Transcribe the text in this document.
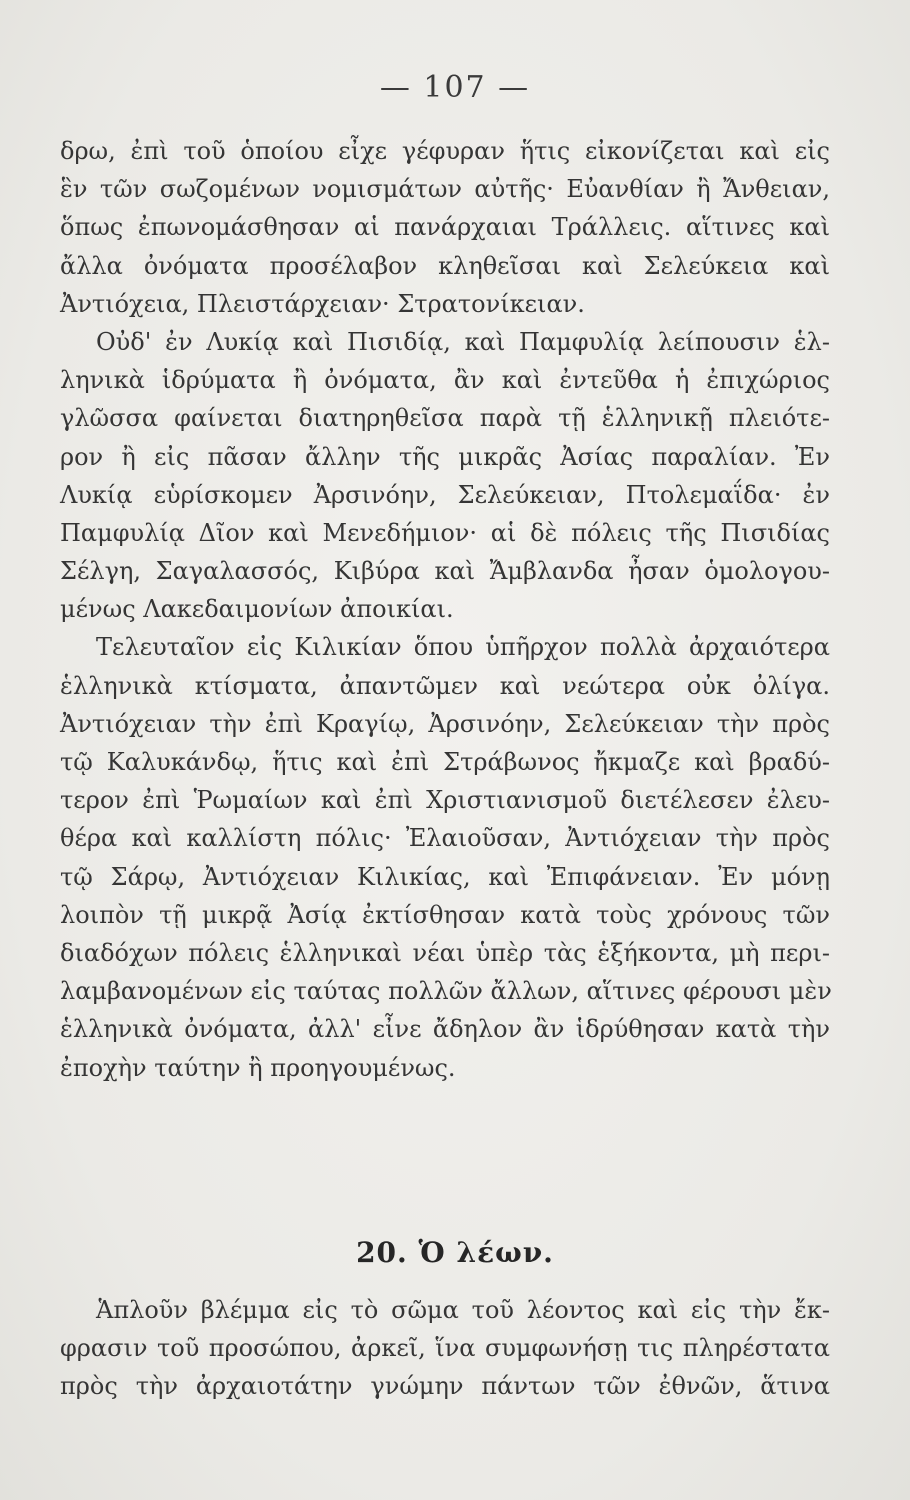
— 107 —
δρω, ἐπὶ τοῦ ὁποίου εἶχε γέφυραν ἥτις εἰκονίζεται καὶ εἰς
ἓν τῶν σωζομένων νομισμάτων αὐτῆς· Εὐανθίαν ἢ Ἄνθειαν,
ὅπως ἐπωνομάσθησαν αἱ πανάρχαιαι Τράλλεις. αἵτινες καὶ
ἄλλα ὀνόματα προσέλαβον κληθεῖσαι καὶ Σελεύκεια καὶ
Ἀντιόχεια, Πλειστάρχειαν· Στρατονίκειαν.
Οὐδ' ἐν Λυκίᾳ καὶ Πισιδίᾳ, καὶ Παμφυλίᾳ λείπουσιν ἑλ-
ληνικὰ ἱδρύματα ἢ ὀνόματα, ἂν καὶ ἐντεῦθα ἡ ἐπιχώριος
γλῶσσα φαίνεται διατηρηθεῖσα παρὰ τῇ ἑλληνικῇ πλειότε-
ρον ἢ εἰς πᾶσαν ἄλλην τῆς μικρᾶς Ἀσίας παραλίαν. Ἐν
Λυκίᾳ εὑρίσκομεν Ἀρσινόην, Σελεύκειαν, Πτολεμαΐδα· ἐν
Παμφυλίᾳ Δῖον καὶ Μενεδήμιον· αἱ δὲ πόλεις τῆς Πισιδίας
Σέλγη, Σαγαλασσός, Κιβύρα καὶ Ἄμβλανδα ἦσαν ὁμολογου-
μένως Λακεδαιμονίων ἀποικίαι.
Τελευταῖον εἰς Κιλικίαν ὅπου ὑπῆρχον πολλὰ ἀρχαιότερα
ἑλληνικὰ κτίσματα, ἀπαντῶμεν καὶ νεώτερα οὐκ ὀλίγα.
Ἀντιόχειαν τὴν ἐπὶ Κραγίῳ, Ἀρσινόην, Σελεύκειαν τὴν πρὸς
τῷ Καλυκάνδῳ, ἥτις καὶ ἐπὶ Στράβωνος ἤκμαζε καὶ βραδύ-
τερον ἐπὶ Ῥωμαίων καὶ ἐπὶ Χριστιανισμοῦ διετέλεσεν ἐλευ-
θέρα καὶ καλλίστη πόλις· Ἐλαιοῦσαν, Ἀντιόχειαν τὴν πρὸς
τῷ Σάρῳ, Ἀντιόχειαν Κιλικίας, καὶ Ἐπιφάνειαν. Ἐν μόνῃ
λοιπὸν τῇ μικρᾷ Ἀσίᾳ ἐκτίσθησαν κατὰ τοὺς χρόνους τῶν
διαδόχων πόλεις ἑλληνικαὶ νέαι ὑπὲρ τὰς ἑξήκοντα, μὴ περι-
λαμβανομένων εἰς ταύτας πολλῶν ἄλλων, αἵτινες φέρουσι μὲν
ἑλληνικὰ ὀνόματα, ἀλλ' εἶνε ἄδηλον ἂν ἱδρύθησαν κατὰ τὴν
ἐποχὴν ταύτην ἢ προηγουμένως.
20. Ὁ λέων.
Ἁπλοῦν βλέμμα εἰς τὸ σῶμα τοῦ λέοντος καὶ εἰς τὴν ἔκ-
φρασιν τοῦ προσώπου, ἀρκεῖ, ἵνα συμφωνήσῃ τις πληρέστατα
πρὸς τὴν ἀρχαιοτάτην γνώμην πάντων τῶν ἐθνῶν, ἅτινα
